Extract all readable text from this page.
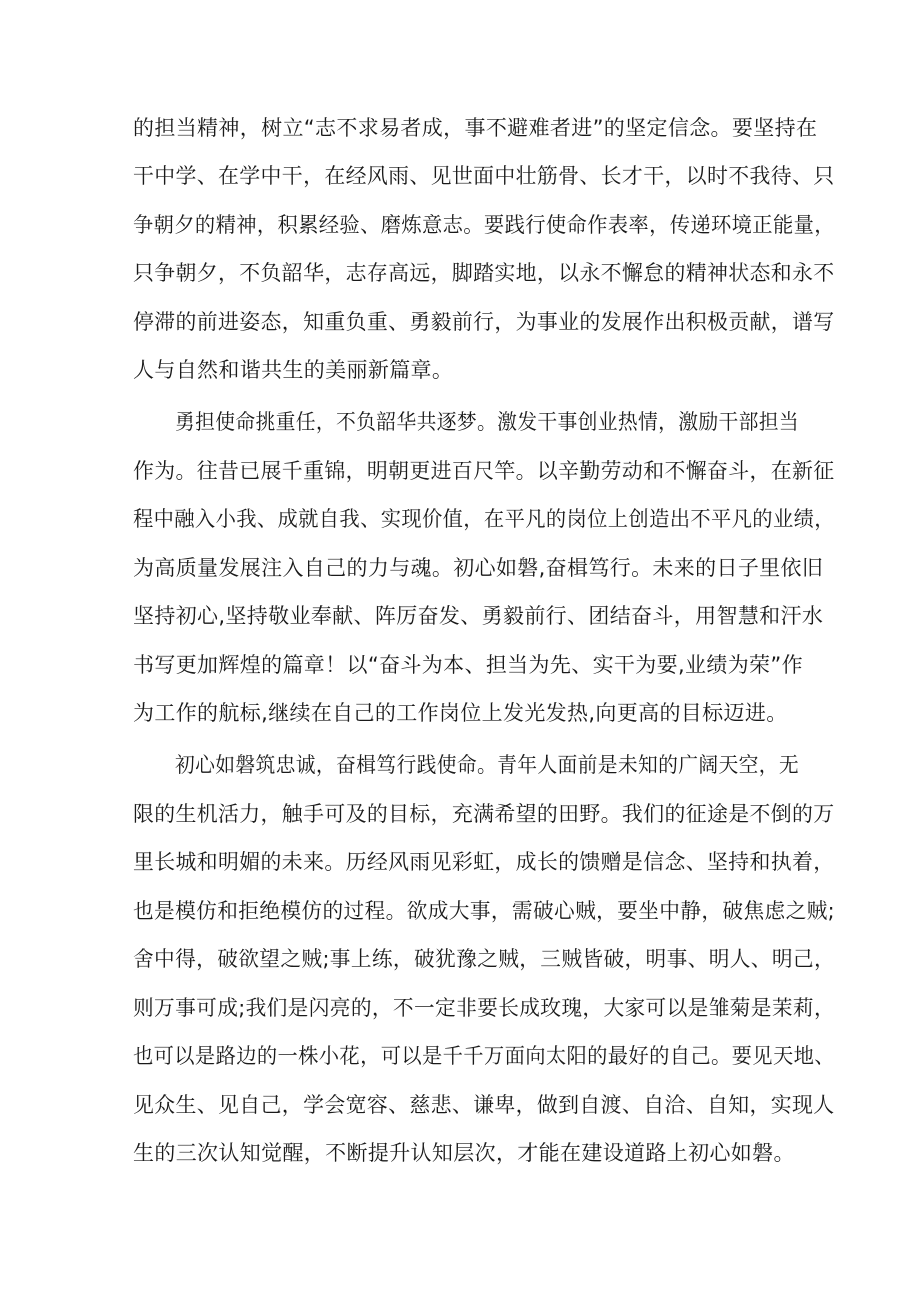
的担当精神，树立“志不求易者成，事不避难者进”的坚定信念。要坚持在
干中学、在学中干，在经风雨、见世面中壮筋骨、长才干，以时不我待、只
争朝夕的精神，积累经验、磨炼意志。要践行使命作表率，传递环境正能量，
只争朝夕，不负韶华，志存高远，脚踏实地，以永不懈怠的精神状态和永不
停滞的前进姿态，知重负重、勇毅前行，为事业的发展作出积极贡献，谱写
人与自然和谐共生的美丽新篇章。
勇担使命挑重任，不负韶华共逐梦。激发干事创业热情，激励干部担当
作为。往昔已展千重锦，明朝更进百尺竿。以辛勤劳动和不懈奋斗，在新征
程中融入小我、成就自我、实现价值，在平凡的岗位上创造出不平凡的业绩，
为高质量发展注入自己的力与魂。初心如磐,奋楫笃行。未来的日子里依旧
坚持初心,坚持敬业奉献、阵厉奋发、勇毅前行、团结奋斗，用智慧和汗水
书写更加辉煌的篇章！以“奋斗为本、担当为先、实干为要,业绩为荣”作
为工作的航标,继续在自己的工作岗位上发光发热,向更高的目标迈进。
初心如磐筑忠诚，奋楫笃行践使命。青年人面前是未知的广阔天空，无
限的生机活力，触手可及的目标，充满希望的田野。我们的征途是不倒的万
里长城和明媚的未来。历经风雨见彩虹，成长的馈赠是信念、坚持和执着，
也是模仿和拒绝模仿的过程。欲成大事，需破心贼，要坐中静，破焦虑之贼;
舍中得，破欲望之贼;事上练，破犹豫之贼，三贼皆破，明事、明人、明己，
则万事可成;我们是闪亮的，不一定非要长成玫瑰，大家可以是雏菊是茉莉，
也可以是路边的一株小花，可以是千千万面向太阳的最好的自己。要见天地、
见众生、见自己，学会宽容、慈悲、谦卑，做到自渡、自洽、自知，实现人
生的三次认知觉醒，不断提升认知层次，才能在建设道路上初心如磐。
